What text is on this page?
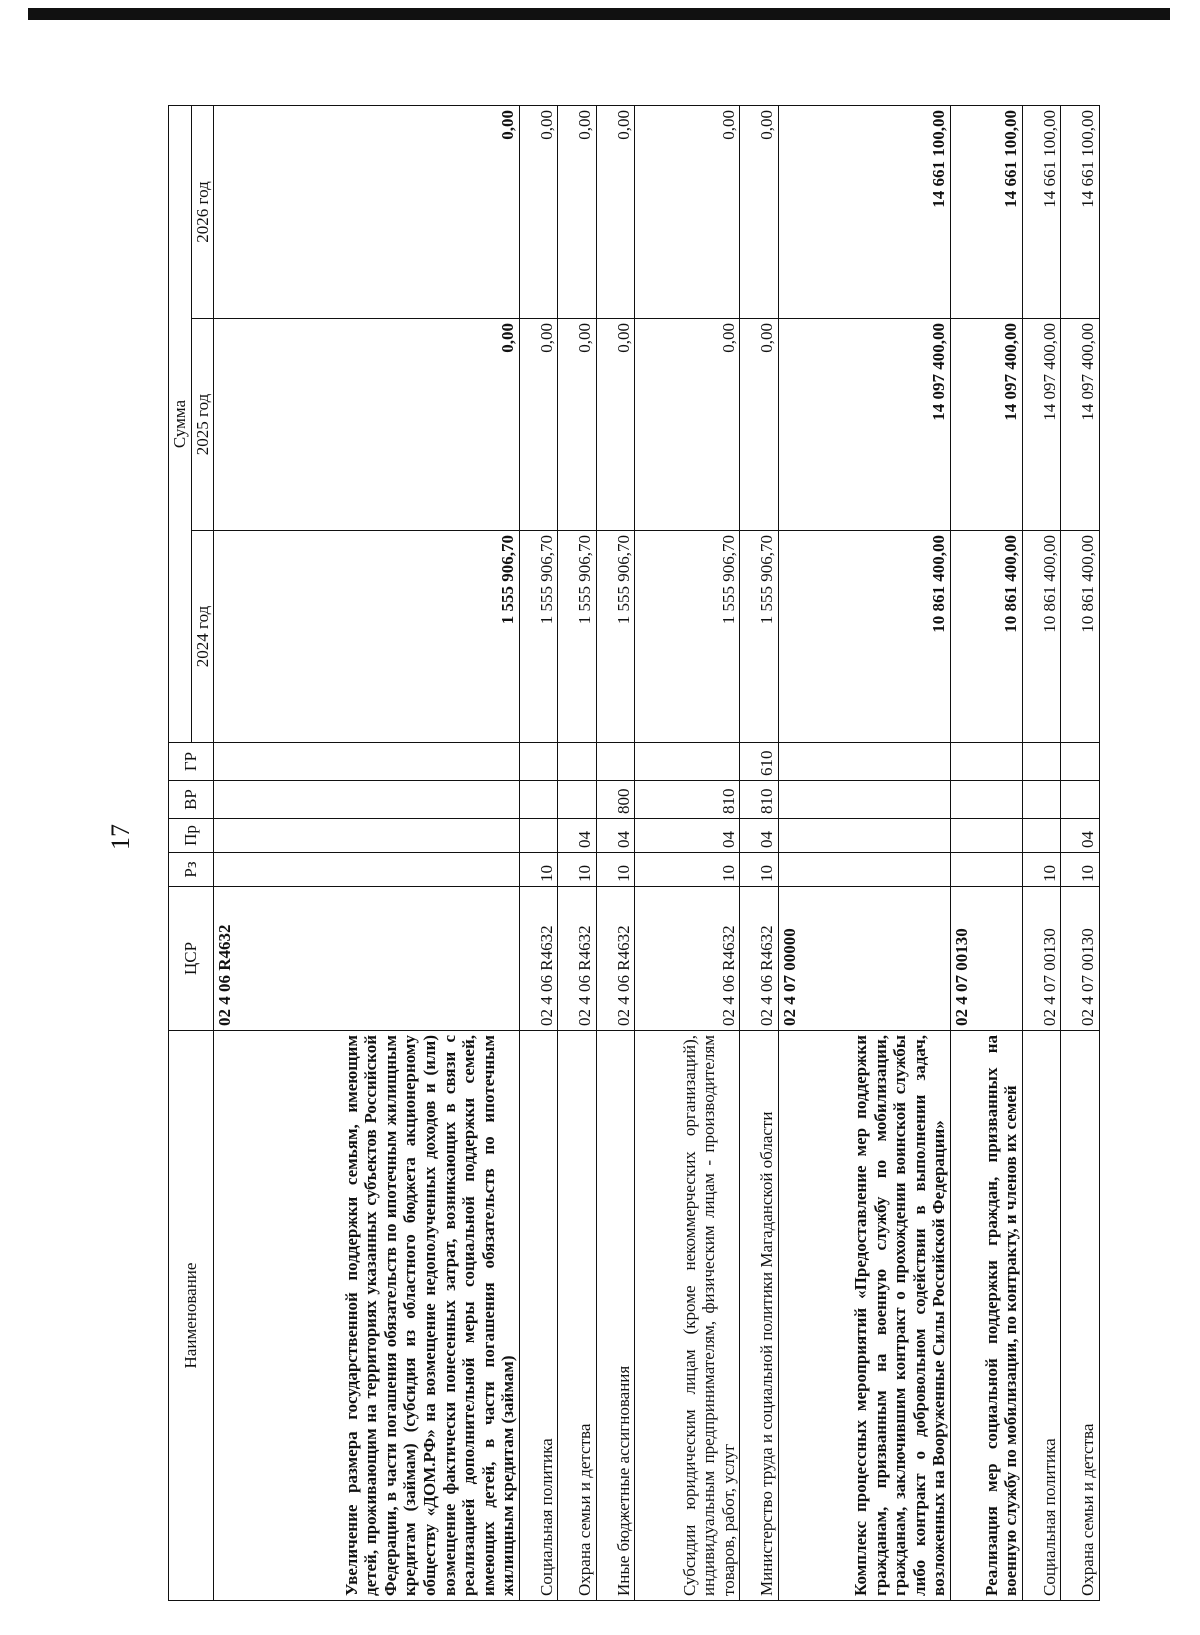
17
Наименование	ЦСР	Рз	Пр	ВР	ГР	Сумма		
						2024 год	2025 год	2026 год
Увеличение размера государственной поддержки семьям, имеющим детей, проживающим на территориях указанных субъектов Российской Федерации, в части погашения обязательств по ипотечным жилищным кредитам (займам) (субсидия из областного бюджета акционерному обществу «ДОМ.РФ» на возмещение недополученных доходов и (или) возмещение фактически понесенных затрат, возникающих в связи с реализацией дополнительной меры социальной поддержки семей, имеющих детей, в части погашения обязательств по ипотечным жилищным кредитам (займам)	02 4 06 R4632					1 555 906,70	0,00	0,00
Социальная политика	02 4 06 R4632	10				1 555 906,70	0,00	0,00
Охрана семьи и детства	02 4 06 R4632	10	04			1 555 906,70	0,00	0,00
Иные бюджетные ассигнования	02 4 06 R4632	10	04	800		1 555 906,70	0,00	0,00
Субсидии юридическим лицам (кроме некоммерческих организаций), индивидуальным предпринимателям, физическим лицам - производителям товаров, работ, услуг	02 4 06 R4632	10	04	810		1 555 906,70	0,00	0,00
Министерство труда и социальной политики Магаданской области	02 4 06 R4632	10	04	810	610	1 555 906,70	0,00	0,00
Комплекс процессных мероприятий «Предоставление мер поддержки гражданам, призванным на военную службу по мобилизации, гражданам, заключившим контракт о прохождении воинской службы либо контракт о добровольном содействии в выполнении задач, возложенных на Вооруженные Силы Российской Федерации»	02 4 07 00000					10 861 400,00	14 097 400,00	14 661 100,00
Реализация мер социальной поддержки граждан, призванных на военную службу по мобилизации, по контракту, и членов их семей	02 4 07 00130					10 861 400,00	14 097 400,00	14 661 100,00
Социальная политика	02 4 07 00130	10				10 861 400,00	14 097 400,00	14 661 100,00
Охрана семьи и детства	02 4 07 00130	10	04			10 861 400,00	14 097 400,00	14 661 100,00
